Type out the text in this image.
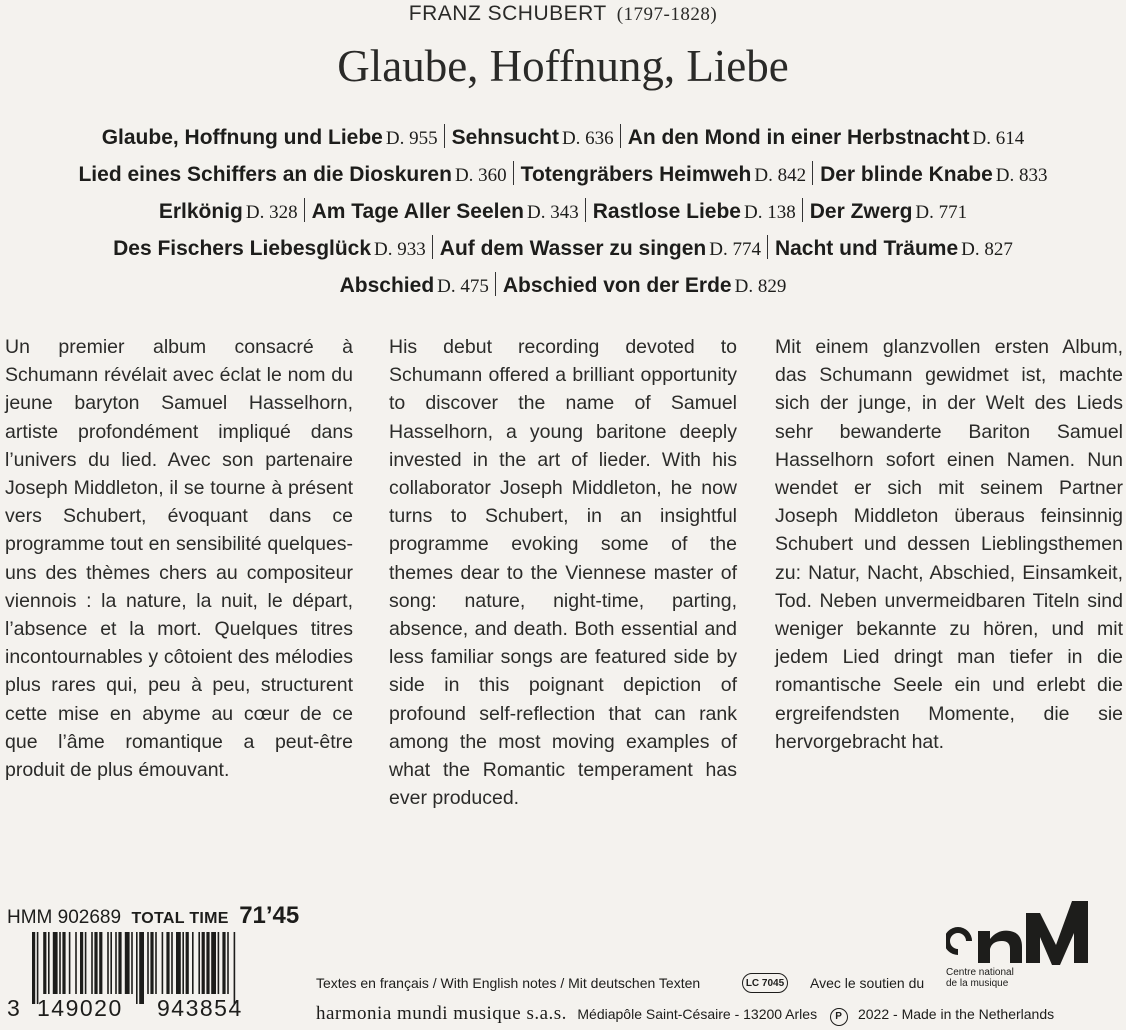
FRANZ SCHUBERT (1797-1828)
Glaube, Hoffnung, Liebe
Glaube, Hoffnung und Liebe D. 955 Sehnsucht D. 636 An den Mond in einer Herbstnacht D. 614
Lied eines Schiffers an die Dioskuren D. 360 Totengräbers Heimweh D. 842 Der blinde Knabe D. 833
Erlkönig D. 328 Am Tage Aller Seelen D. 343 Rastlose Liebe D. 138 Der Zwerg D. 771
Des Fischers Liebesglück D. 933 Auf dem Wasser zu singen D. 774 Nacht und Träume D. 827
Abschied D. 475 Abschied von der Erde D. 829

Un premier album consacré à Schumann révélait avec éclat le nom du jeune baryton Samuel Hasselhorn, artiste profondément impliqué dans l’univers du lied. Avec son partenaire Joseph Middleton, il se tourne à présent vers Schubert, évoquant dans ce programme tout en sensibilité quelques-uns des thèmes chers au compositeur viennois : la nature, la nuit, le départ, l’absence et la mort. Quelques titres incontournables y côtoient des mélodies plus rares qui, peu à peu, structurent cette mise en abyme au cœur de ce que l’âme romantique a peut-être produit de plus émouvant.

His debut recording devoted to Schumann offered a brilliant opportunity to discover the name of Samuel Hasselhorn, a young baritone deeply invested in the art of lieder. With his collaborator Joseph Middleton, he now turns to Schubert, in an insightful programme evoking some of the themes dear to the Viennese master of song: nature, night-time, parting, absence, and death. Both essential and less familiar songs are featured side by side in this poignant depiction of profound self-reflection that can rank among the most moving examples of what the Romantic temperament has ever produced.

Mit einem glanzvollen ersten Album, das Schumann gewidmet ist, machte sich der junge, in der Welt des Lieds sehr bewanderte Bariton Samuel Hasselhorn sofort einen Namen. Nun wendet er sich mit seinem Partner Joseph Middleton überaus feinsinnig Schubert und dessen Lieblingsthemen zu: Natur, Nacht, Abschied, Einsamkeit, Tod. Neben unvermeidbaren Titeln sind weniger bekannte zu hören, und mit jedem Lied dringt man tiefer in die romantische Seele ein und erlebt die ergreifendsten Momente, die sie hervorgebracht hat.

HMM 902689 TOTAL TIME 71’45
3 149020 943854
Textes en français / With English notes / Mit deutschen Texten	LC 7045 Avec le soutien du
Centre national
de la musique
harmonia mundi musique s.a.s. Médiapôle Saint-Césaire - 13200 Arles P 2022 - Made in the Netherlands
